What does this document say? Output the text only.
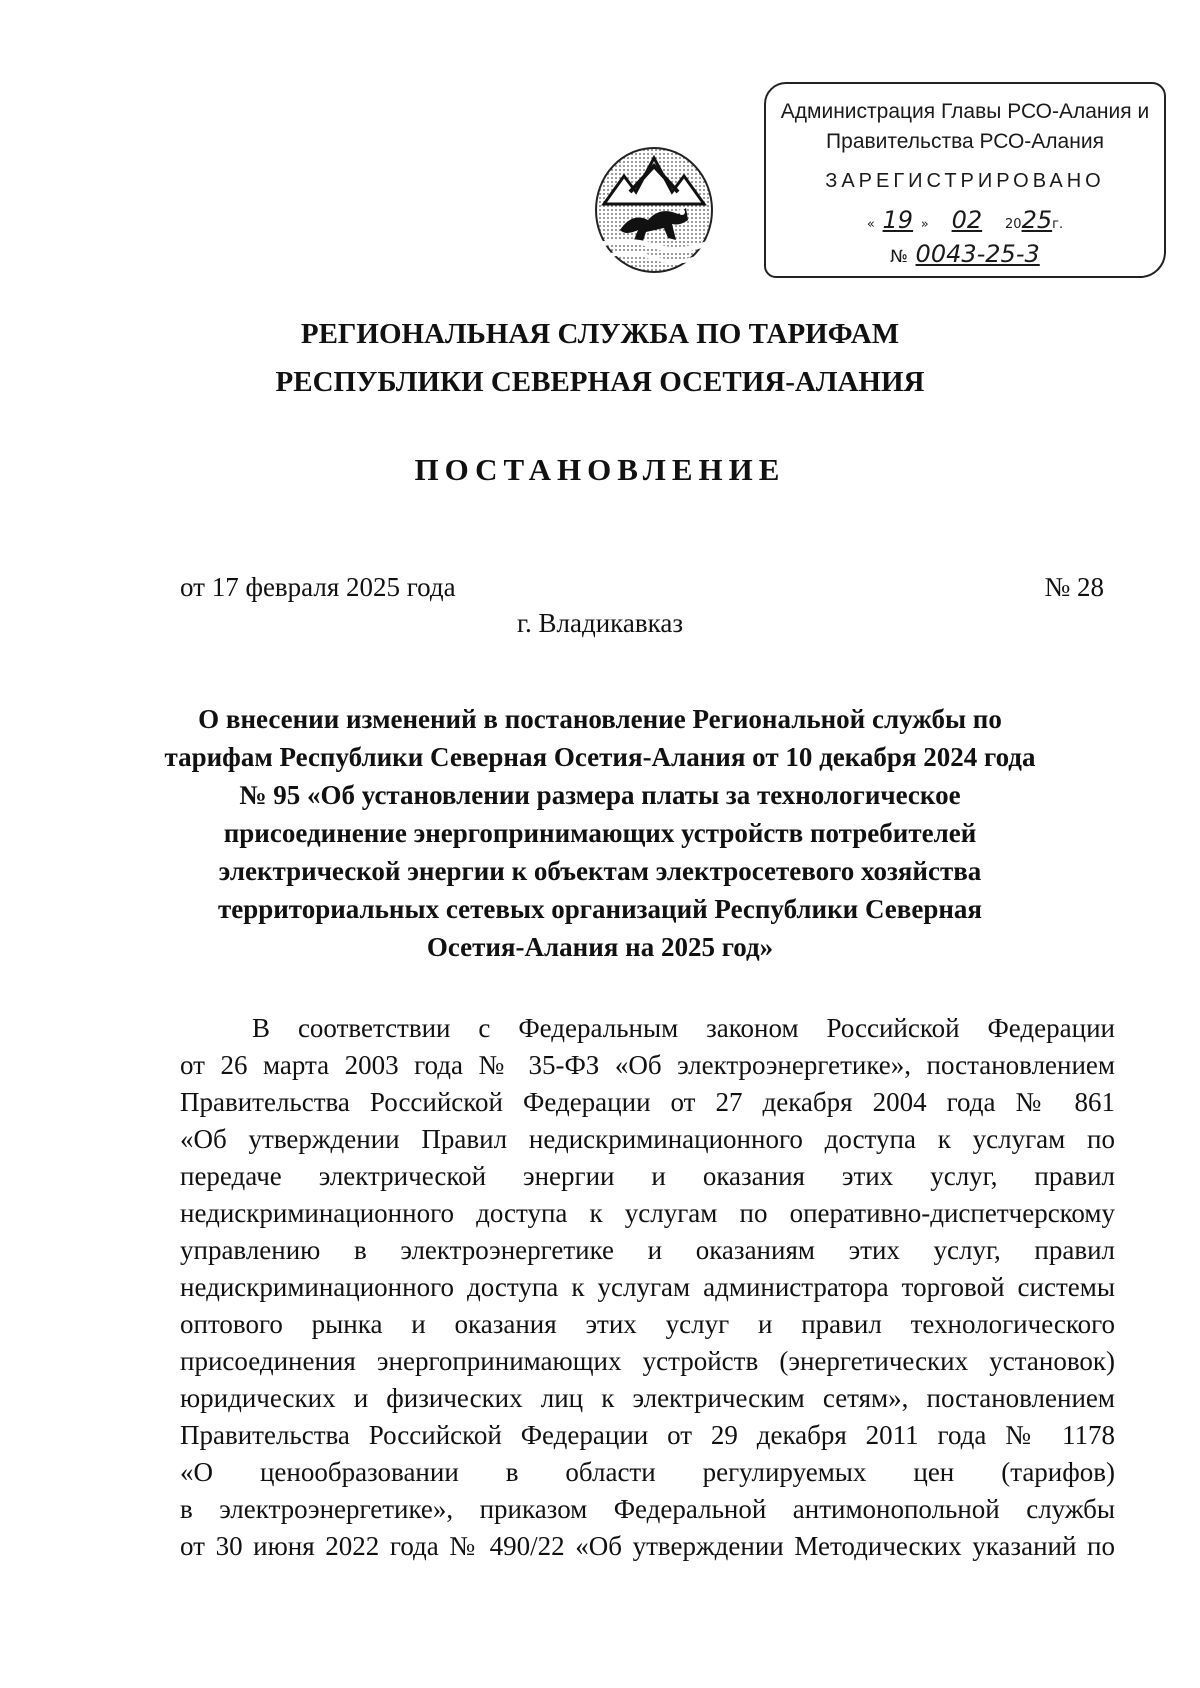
Администрация Главы РСО-Алания и
Правительства РСО-Алания
ЗАРЕГИСТРИРОВАНО
« 19 » 02 2025г.
№ 0043-25-3
РЕГИОНАЛЬНАЯ СЛУЖБА ПО ТАРИФАМ
РЕСПУБЛИКИ СЕВЕРНАЯ ОСЕТИЯ-АЛАНИЯ
ПОСТАНОВЛЕНИЕ
от 17 февраля 2025 года	№ 28
г. Владикавказ
О внесении изменений в постановление Региональной службы по
тарифам Республики Северная Осетия-Алания от 10 декабря 2024 года
№ 95 «Об установлении размера платы за технологическое
присоединение энергопринимающих устройств потребителей
электрической энергии к объектам электросетевого хозяйства
территориальных сетевых организаций Республики Северная
Осетия-Алания на 2025 год»
В соответствии с Федеральным законом Российской Федерации
от 26 марта 2003 года № 35-ФЗ «Об электроэнергетике», постановлением
Правительства Российской Федерации от 27 декабря 2004 года № 861
«Об утверждении Правил недискриминационного доступа к услугам по
передаче электрической энергии и оказания этих услуг, правил
недискриминационного доступа к услугам по оперативно-диспетчерскому
управлению в электроэнергетике и оказаниям этих услуг, правил
недискриминационного доступа к услугам администратора торговой системы
оптового рынка и оказания этих услуг и правил технологического
присоединения энергопринимающих устройств (энергетических установок)
юридических и физических лиц к электрическим сетям», постановлением
Правительства Российской Федерации от 29 декабря 2011 года № 1178
«О ценообразовании в области регулируемых цен (тарифов)
в электроэнергетике», приказом Федеральной антимонопольной службы
от 30 июня 2022 года № 490/22 «Об утверждении Методических указаний по
